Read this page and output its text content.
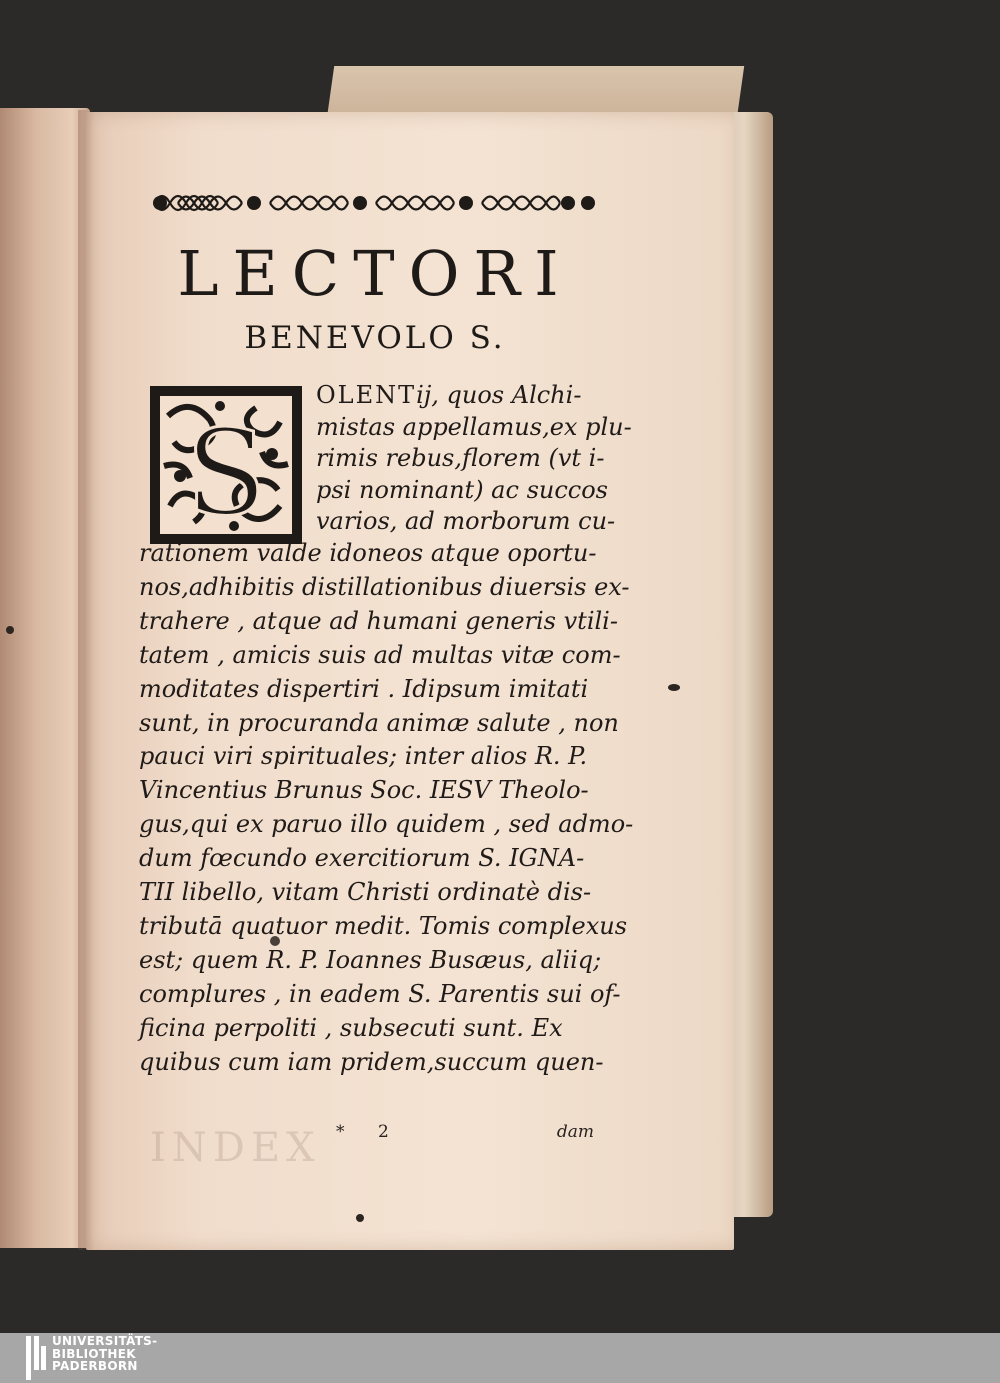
INDEX
LECTORI
BENEVOLO S.
S
OLENTij, quos Alchi-
mistas appellamus,ex plu-
rimis rebus,florem (vt i-
psi nominant) ac succos
varios, ad morborum cu-
rationem valde idoneos atque oportu-
nos,adhibitis distillationibus diuersis ex-
trahere , atque ad humani generis vtili-
tatem , amicis suis ad multas vitæ com-
moditates dispertiri . Idipsum imitati
sunt, in procuranda animæ salute , non
pauci viri spirituales; inter alios R. P.
Vincentius Brunus Soc. IESV Theolo-
gus,qui ex paruo illo quidem , sed admo-
dum fœcundo exercitiorum S. IGNA-
TII libello, vitam Christi ordinatè dis-
tributā quatuor medit. Tomis complexus
est; quem R. P. Ioannes Busæus, aliiq;
complures , in eadem S. Parentis sui of-
ficina perpoliti , subsecuti sunt. Ex
quibus cum iam pridem,succum quen-
* 2	dam
UNIVERSITÄTS-
BIBLIOTHEK
PADERBORN
